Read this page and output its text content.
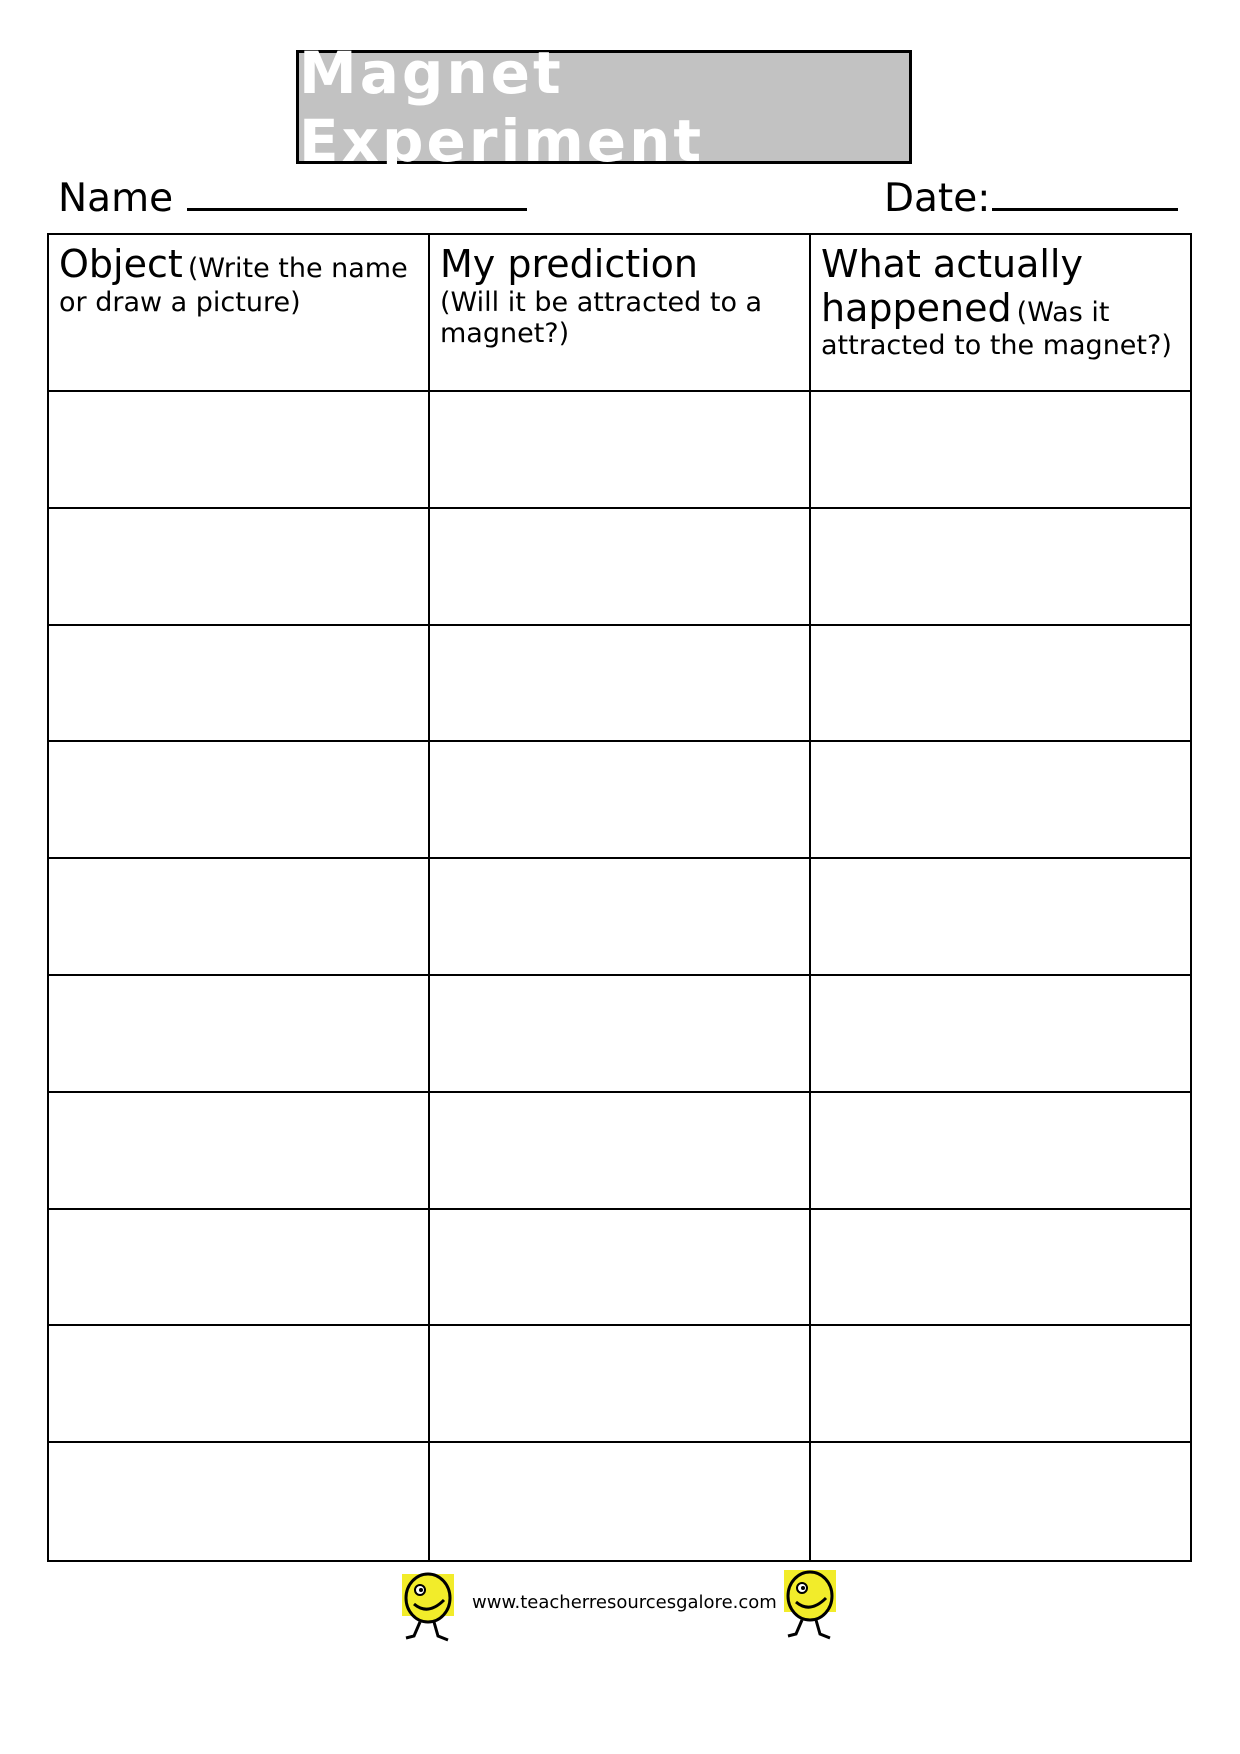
Magnet Experiment
Name	Date:
Object (Write the name or draw a picture)
My prediction
(Will it be attracted to a magnet?)
What actually happened (Was it attracted to the magnet?)
www.teacherresourcesgalore.com
